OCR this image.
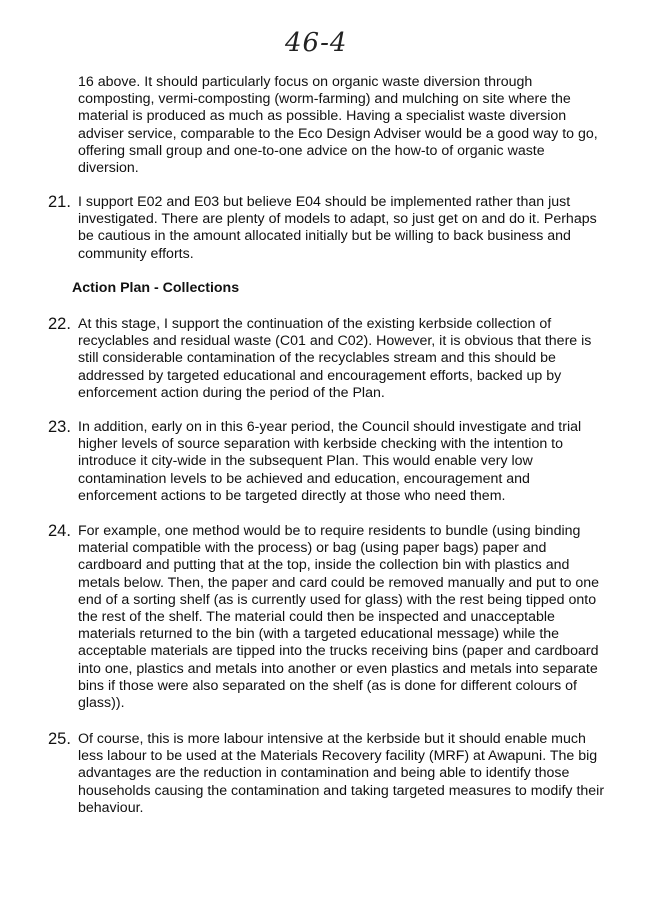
46-4
16 above. It should particularly focus on organic waste diversion through composting, vermi-composting (worm-farming) and mulching on site where the material is produced as much as possible. Having a specialist waste diversion adviser service, comparable to the Eco Design Adviser would be a good way to go, offering small group and one-to-one advice on the how-to of organic waste diversion.
21. I support E02 and E03 but believe E04 should be implemented rather than just investigated. There are plenty of models to adapt, so just get on and do it. Perhaps be cautious in the amount allocated initially but be willing to back business and community efforts.
Action Plan - Collections
22. At this stage, I support the continuation of the existing kerbside collection of recyclables and residual waste (C01 and C02). However, it is obvious that there is still considerable contamination of the recyclables stream and this should be addressed by targeted educational and encouragement efforts, backed up by enforcement action during the period of the Plan.
23. In addition, early on in this 6-year period, the Council should investigate and trial higher levels of source separation with kerbside checking with the intention to introduce it city-wide in the subsequent Plan. This would enable very low contamination levels to be achieved and education, encouragement and enforcement actions to be targeted directly at those who need them.
24. For example, one method would be to require residents to bundle (using binding material compatible with the process) or bag (using paper bags) paper and cardboard and putting that at the top, inside the collection bin with plastics and metals below. Then, the paper and card could be removed manually and put to one end of a sorting shelf (as is currently used for glass) with the rest being tipped onto the rest of the shelf. The material could then be inspected and unacceptable materials returned to the bin (with a targeted educational message) while the acceptable materials are tipped into the trucks receiving bins (paper and cardboard into one, plastics and metals into another or even plastics and metals into separate bins if those were also separated on the shelf (as is done for different colours of glass)).
25. Of course, this is more labour intensive at the kerbside but it should enable much less labour to be used at the Materials Recovery facility (MRF) at Awapuni. The big advantages are the reduction in contamination and being able to identify those households causing the contamination and taking targeted measures to modify their behaviour.
